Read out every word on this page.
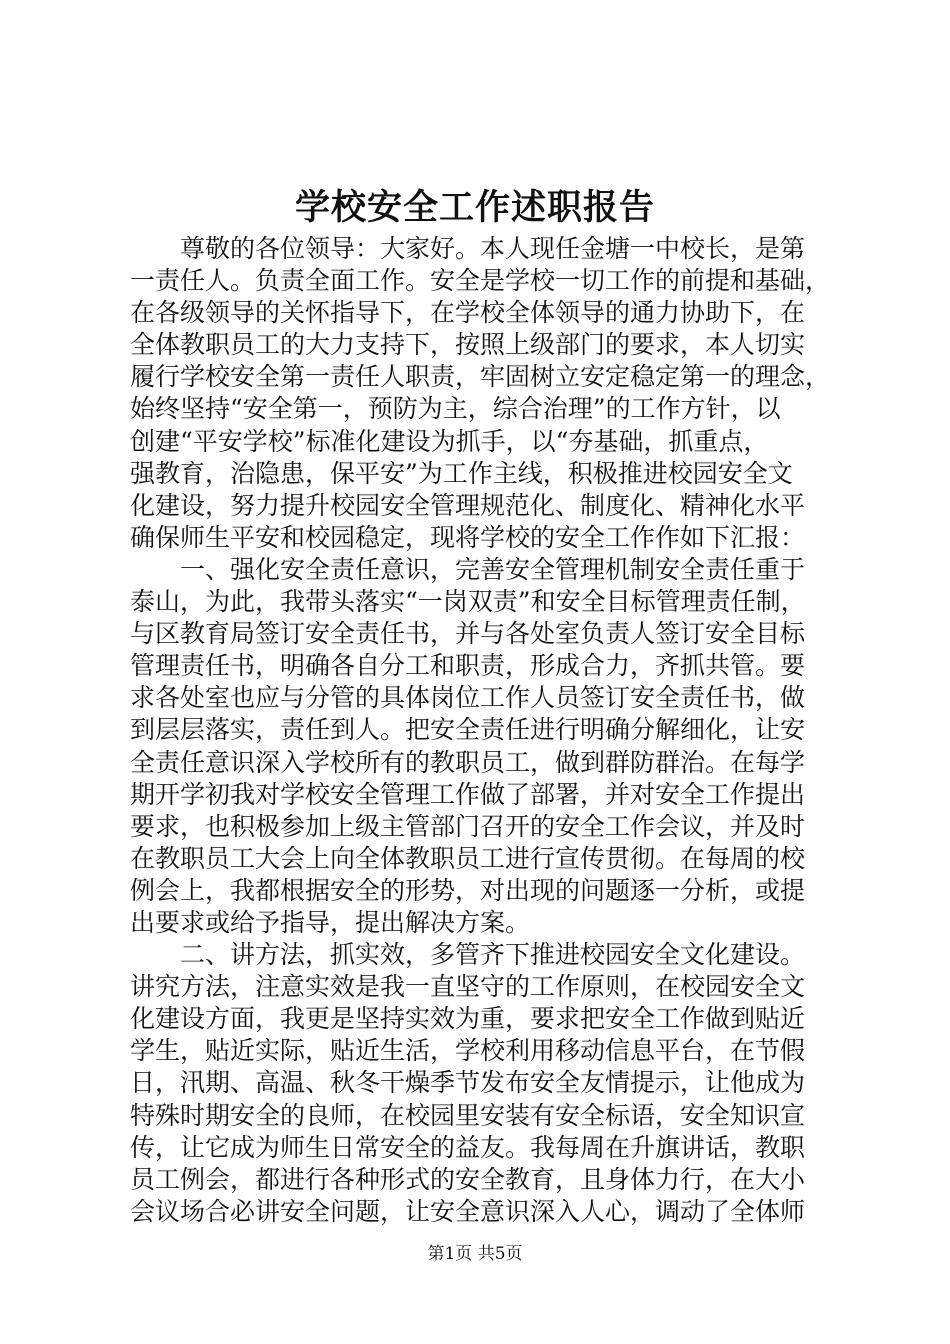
学校安全工作述职报告
　　尊敬的各位领导：大家好。本人现任金塘一中校长，是第
一责任人。负责全面工作。安全是学校一切工作的前提和基础，
在各级领导的关怀指导下，在学校全体领导的通力协助下，在
全体教职员工的大力支持下，按照上级部门的要求，本人切实
履行学校安全第一责任人职责，牢固树立安定稳定第一的理念，
始终坚持“安全第一，预防为主，综合治理”的工作方针，以
创建“平安学校”标准化建设为抓手，以“夯基础，抓重点，
强教育，治隐患，保平安”为工作主线，积极推进校园安全文
化建设，努力提升校园安全管理规范化、制度化、精神化水平
确保师生平安和校园稳定，现将学校的安全工作作如下汇报：
　　一、强化安全责任意识，完善安全管理机制安全责任重于
泰山，为此，我带头落实“一岗双责”和安全目标管理责任制，
与区教育局签订安全责任书，并与各处室负责人签订安全目标
管理责任书，明确各自分工和职责，形成合力，齐抓共管。要
求各处室也应与分管的具体岗位工作人员签订安全责任书，做
到层层落实，责任到人。把安全责任进行明确分解细化，让安
全责任意识深入学校所有的教职员工，做到群防群治。在每学
期开学初我对学校安全管理工作做了部署，并对安全工作提出
要求，也积极参加上级主管部门召开的安全工作会议，并及时
在教职员工大会上向全体教职员工进行宣传贯彻。在每周的校
例会上，我都根据安全的形势，对出现的问题逐一分析，或提
出要求或给予指导，提出解决方案。
　　二、讲方法，抓实效，多管齐下推进校园安全文化建设。
讲究方法，注意实效是我一直坚守的工作原则，在校园安全文
化建设方面，我更是坚持实效为重，要求把安全工作做到贴近
学生，贴近实际，贴近生活，学校利用移动信息平台，在节假
日，汛期、高温、秋冬干燥季节发布安全友情提示，让他成为
特殊时期安全的良师，在校园里安装有安全标语，安全知识宣
传，让它成为师生日常安全的益友。我每周在升旗讲话，教职
员工例会，都进行各种形式的安全教育，且身体力行，在大小
会议场合必讲安全问题，让安全意识深入人心，调动了全体师
第1页 共5页
